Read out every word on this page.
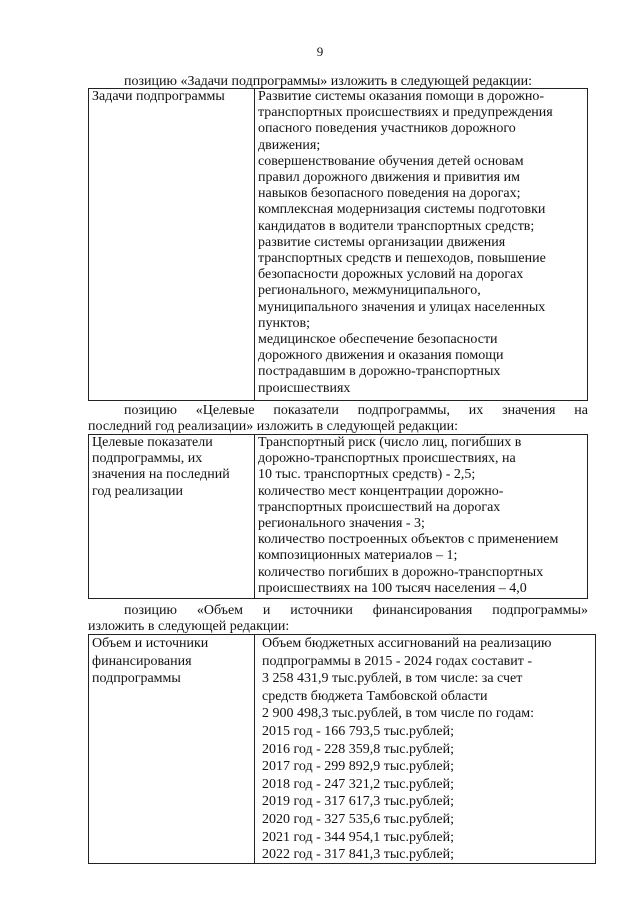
9
позицию «Задачи подпрограммы» изложить в следующей редакции:
Задачи подпрограммы	Развитие системы оказания помощи в дорожно-
транспортных происшествиях и предупреждения
опасного поведения участников дорожного
движения;
совершенствование обучения детей основам
правил дорожного движения и привития им
навыков безопасного поведения на дорогах;
комплексная модернизация системы подготовки
кандидатов в водители транспортных средств;
развитие системы организации движения
транспортных средств и пешеходов, повышение
безопасности дорожных условий на дорогах
регионального, межмуниципального,
муниципального значения и улицах населенных
пунктов;
медицинское обеспечение безопасности
дорожного движения и оказания помощи
пострадавшим в дорожно-транспортных
происшествиях
позицию «Целевые показатели подпрограммы, их значения на
последний год реализации» изложить в следующей редакции:
Целевые показатели
подпрограммы, их
значения на последний
год реализации
Транспортный риск (число лиц, погибших в
дорожно-транспортных происшествиях, на
10 тыс. транспортных средств) - 2,5;
количество мест концентрации дорожно-
транспортных происшествий на дорогах
регионального значения - 3;
количество построенных объектов с применением
композиционных материалов – 1;
количество погибших в дорожно-транспортных
происшествиях на 100 тысяч населения – 4,0
позицию «Объем и источники финансирования подпрограммы»
изложить в следующей редакции:
Объем и источники
финансирования
подпрограммы
Объем бюджетных ассигнований на реализацию
подпрограммы в 2015 - 2024 годах составит -
3 258 431,9 тыс.рублей, в том числе: за счет
средств бюджета Тамбовской области
2 900 498,3 тыс.рублей, в том числе по годам:
2015 год - 166 793,5 тыс.рублей;
2016 год - 228 359,8 тыс.рублей;
2017 год - 299 892,9 тыс.рублей;
2018 год - 247 321,2 тыс.рублей;
2019 год - 317 617,3 тыс.рублей;
2020 год - 327 535,6 тыс.рублей;
2021 год - 344 954,1 тыс.рублей;
2022 год - 317 841,3 тыс.рублей;
